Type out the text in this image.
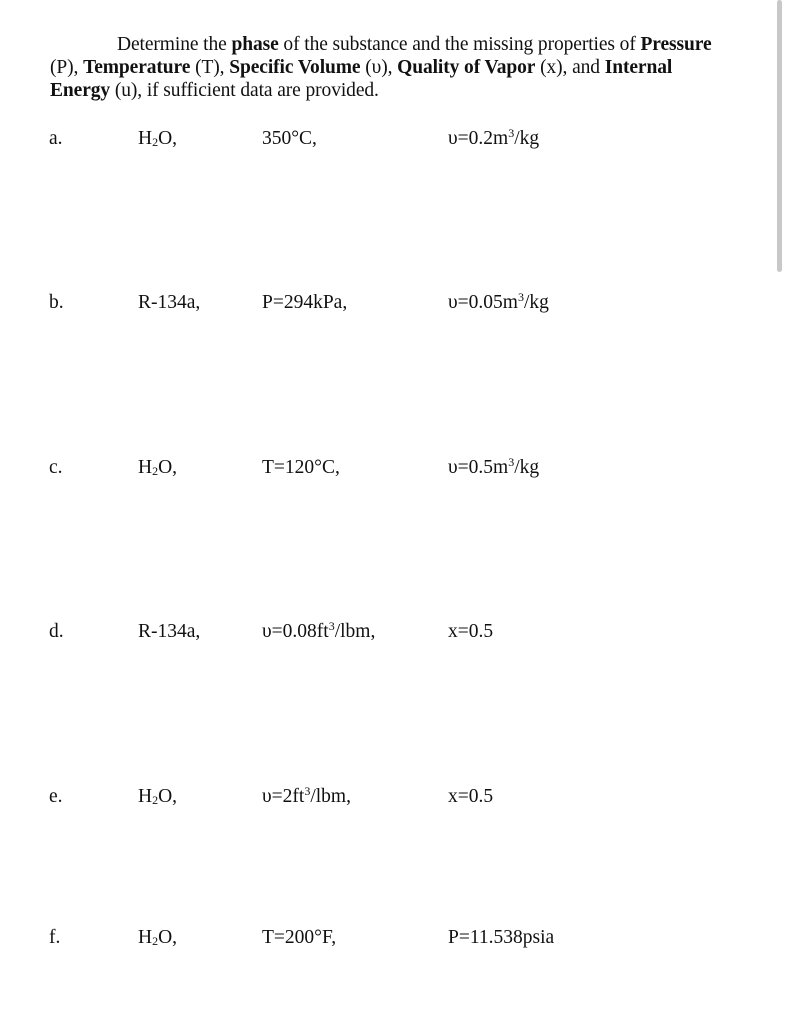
Determine the phase of the substance and the missing properties of Pressure
(P), Temperature (T), Specific Volume (υ), Quality of Vapor (x), and Internal
Energy (u), if sufficient data are provided.
a.	$H_2O$,	350°C,	$\upsilon=0.2m^3/kg$
b.	R-134a,	P=294kPa,	$\upsilon=0.05m^3/kg$
c.	$H_2O$,	T=120°C,	$\upsilon=0.5m^3/kg$
d.	R-134a,	$\upsilon=0.08ft^3$/lbm,	x=0.5
e.	$H_2O$,	$\upsilon=2ft^3$/lbm,	x=0.5
f.	$H_2O$,	T=200°F,	P=11.538psia
